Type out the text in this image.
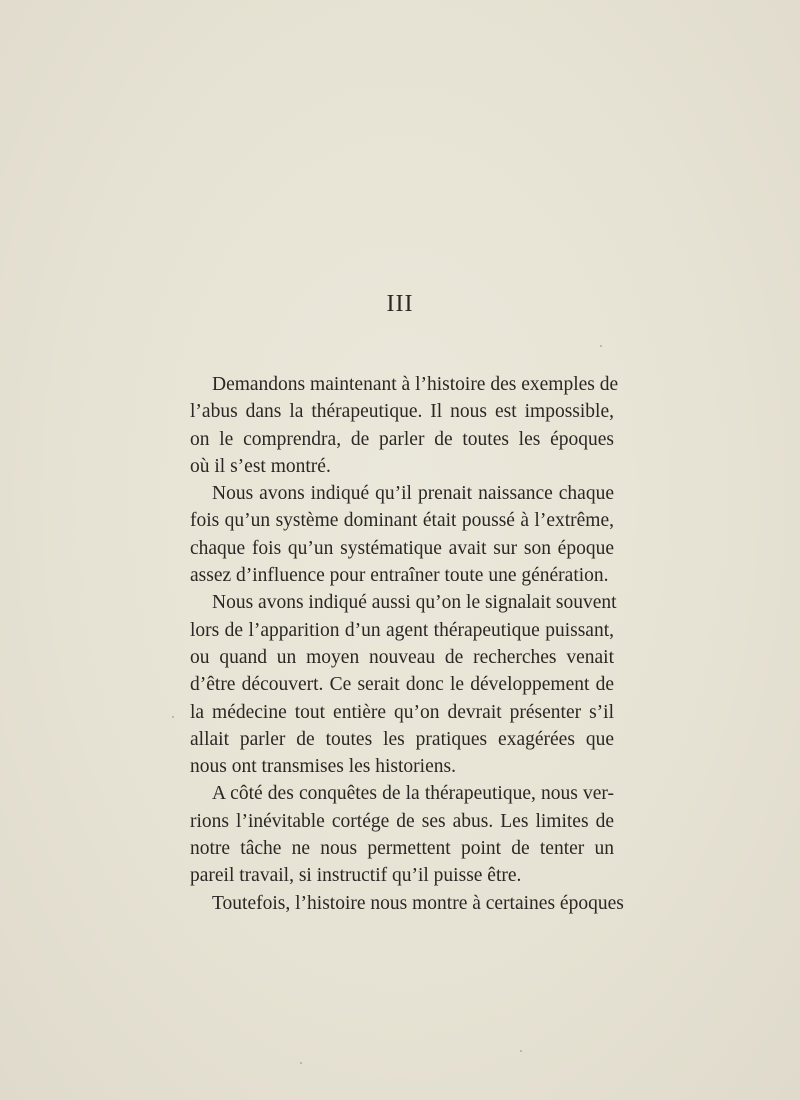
III
Demandons maintenant à l’histoire des exemples de
l’abus dans la thérapeutique. Il nous est impossible,
on le comprendra, de parler de toutes les époques
où il s’est montré.
Nous avons indiqué qu’il prenait naissance chaque
fois qu’un système dominant était poussé à l’extrême,
chaque fois qu’un systématique avait sur son époque
assez d’influence pour entraîner toute une génération.
Nous avons indiqué aussi qu’on le signalait souvent
lors de l’apparition d’un agent thérapeutique puissant,
ou quand un moyen nouveau de recherches venait
d’être découvert. Ce serait donc le développement de
la médecine tout entière qu’on devrait présenter s’il
allait parler de toutes les pratiques exagérées que
nous ont transmises les historiens.
A côté des conquêtes de la thérapeutique, nous ver-
rions l’inévitable cortége de ses abus. Les limites de
notre tâche ne nous permettent point de tenter un
pareil travail, si instructif qu’il puisse être.
Toutefois, l’histoire nous montre à certaines époques
